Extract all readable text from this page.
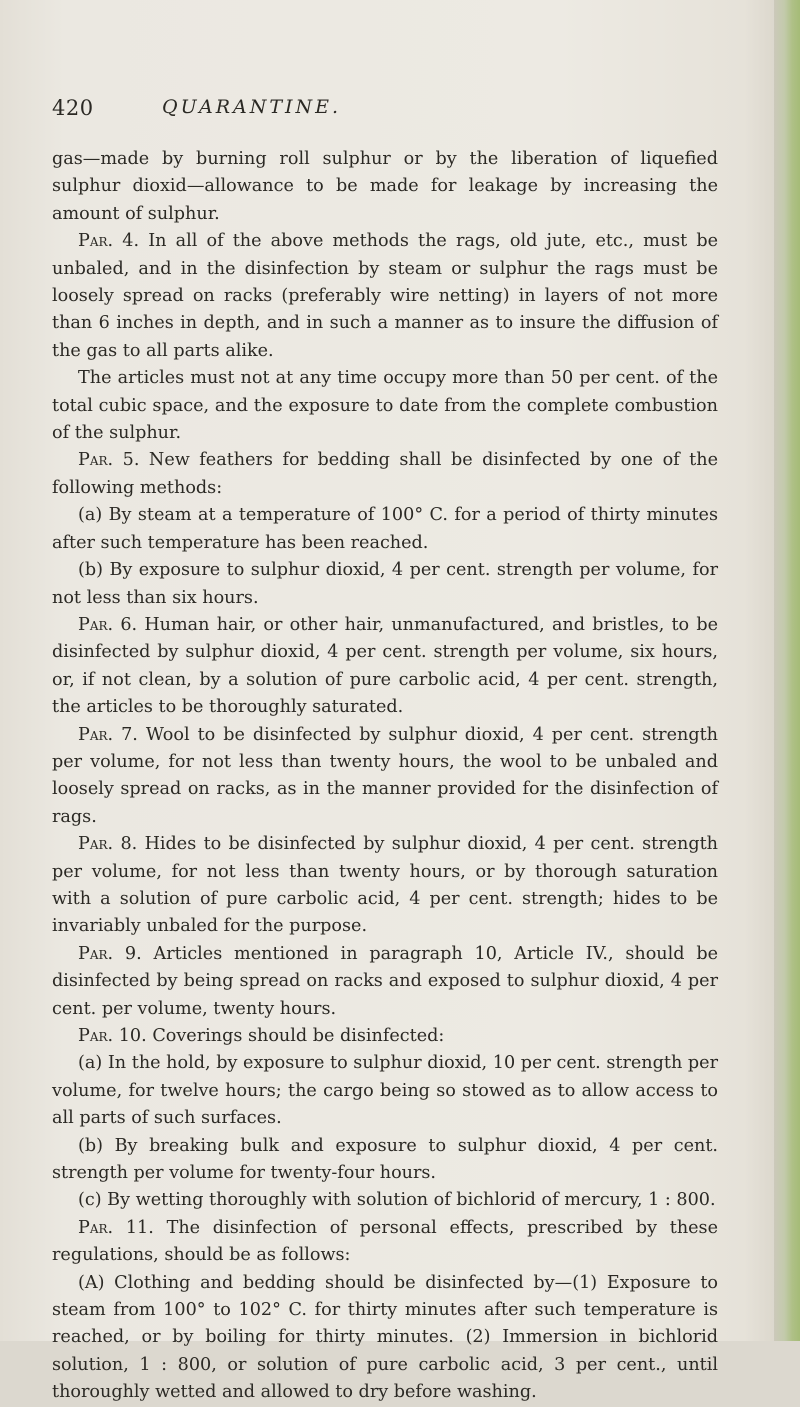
420	QUARANTINE.

gas—made by burning roll sulphur or by the liberation of liquefied sulphur dioxid—allowance to be made for leakage by increasing the amount of sulphur.

Par. 4. In all of the above methods the rags, old jute, etc., must be unbaled, and in the disinfection by steam or sulphur the rags must be loosely spread on racks (preferably wire netting) in layers of not more than 6 inches in depth, and in such a manner as to insure the diffusion of the gas to all parts alike.

The articles must not at any time occupy more than 50 per cent. of the total cubic space, and the exposure to date from the complete combustion of the sulphur.

Par. 5. New feathers for bedding shall be disinfected by one of the following methods:

(a) By steam at a temperature of 100° C. for a period of thirty minutes after such temperature has been reached.

(b) By exposure to sulphur dioxid, 4 per cent. strength per volume, for not less than six hours.

Par. 6. Human hair, or other hair, unmanufactured, and bristles, to be disinfected by sulphur dioxid, 4 per cent. strength per volume, six hours, or, if not clean, by a solution of pure carbolic acid, 4 per cent. strength, the articles to be thoroughly saturated.

Par. 7. Wool to be disinfected by sulphur dioxid, 4 per cent. strength per volume, for not less than twenty hours, the wool to be unbaled and loosely spread on racks, as in the manner provided for the disinfection of rags.

Par. 8. Hides to be disinfected by sulphur dioxid, 4 per cent. strength per volume, for not less than twenty hours, or by thorough saturation with a solution of pure carbolic acid, 4 per cent. strength; hides to be invariably unbaled for the purpose.

Par. 9. Articles mentioned in paragraph 10, Article IV., should be disinfected by being spread on racks and exposed to sulphur dioxid, 4 per cent. per volume, twenty hours.

Par. 10. Coverings should be disinfected:

(a) In the hold, by exposure to sulphur dioxid, 10 per cent. strength per volume, for twelve hours; the cargo being so stowed as to allow access to all parts of such surfaces.

(b) By breaking bulk and exposure to sulphur dioxid, 4 per cent. strength per volume for twenty-four hours.

(c) By wetting thoroughly with solution of bichlorid of mercury, 1 : 800.

Par. 11. The disinfection of personal effects, prescribed by these regulations, should be as follows:

(A) Clothing and bedding should be disinfected by—(1) Exposure to steam from 100° to 102° C. for thirty minutes after such temperature is reached, or by boiling for thirty minutes. (2) Immersion in bichlorid solution, 1 : 800, or solution of pure carbolic acid, 3 per cent., until thoroughly wetted and allowed to dry before washing.
